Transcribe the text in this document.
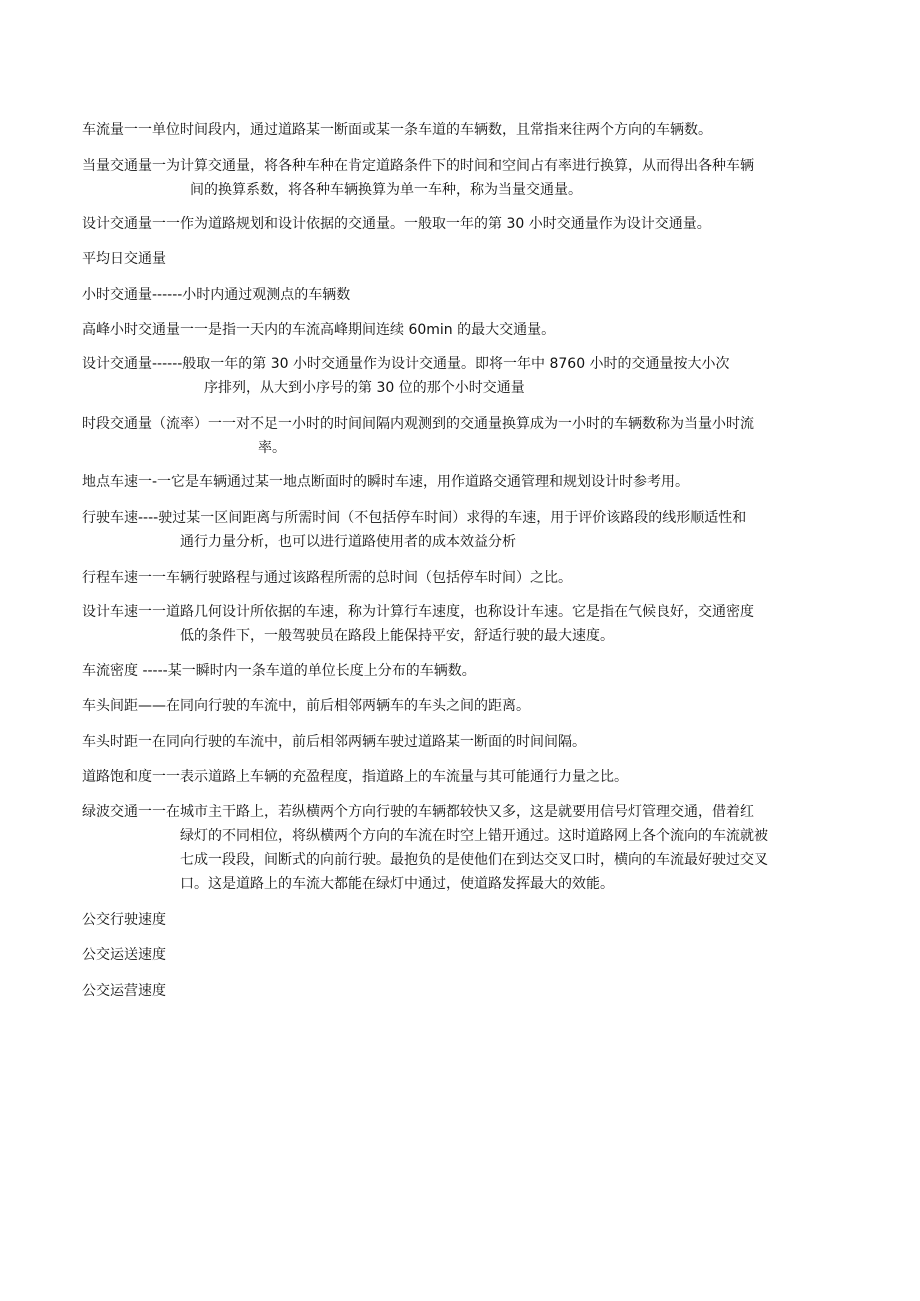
车流量一一单位时间段内，通过道路某一断面或某一条车道的车辆数，且常指来往两个方向的车辆数。

当量交通量一为计算交通量，将各种车种在肯定道路条件下的时间和空间占有率进行换算，从而得出各种车辆
间的换算系数，将各种车辆换算为单一车种，称为当量交通量。

设计交通量一一作为道路规划和设计依据的交通量。一般取一年的第 30 小时交通量作为设计交通量。

平均日交通量

小时交通量------小时内通过观测点的车辆数

高峰小时交通量一一是指一天内的车流高峰期间连续 60min 的最大交通量。

设计交通量------般取一年的第 30 小时交通量作为设计交通量。即将一年中 8760 小时的交通量按大小次
序排列，从大到小序号的第 30 位的那个小时交通量

时段交通量（流率）一一对不足一小时的时间间隔内观测到的交通量换算成为一小时的车辆数称为当量小时流
率。

地点车速一-一它是车辆通过某一地点断面时的瞬时车速，用作道路交通管理和规划设计时参考用。

行驶车速----驶过某一区间距离与所需时间（不包括停车时间）求得的车速，用于评价该路段的线形顺适性和
通行力量分析，也可以进行道路使用者的成本效益分析

行程车速一一车辆行驶路程与通过该路程所需的总时间（包括停车时间）之比。

设计车速一一道路几何设计所依据的车速，称为计算行车速度，也称设计车速。它是指在气候良好，交通密度
低的条件下，一般驾驶员在路段上能保持平安，舒适行驶的最大速度。

车流密度 -----某一瞬时内一条车道的单位长度上分布的车辆数。

车头间距——在同向行驶的车流中，前后相邻两辆车的车头之间的距离。

车头时距一在同向行驶的车流中，前后相邻两辆车驶过道路某一断面的时间间隔。

道路饱和度一一表示道路上车辆的充盈程度，指道路上的车流量与其可能通行力量之比。

绿波交通一一在城市主干路上，若纵横两个方向行驶的车辆都较快又多，这是就要用信号灯管理交通，借着红
绿灯的不同相位，将纵横两个方向的车流在时空上错开通过。这时道路网上各个流向的车流就被
七成一段段，间断式的向前行驶。最抱负的是使他们在到达交叉口时，横向的车流最好驶过交叉
口。这是道路上的车流大都能在绿灯中通过，使道路发挥最大的效能。

公交行驶速度

公交运送速度

公交运营速度
